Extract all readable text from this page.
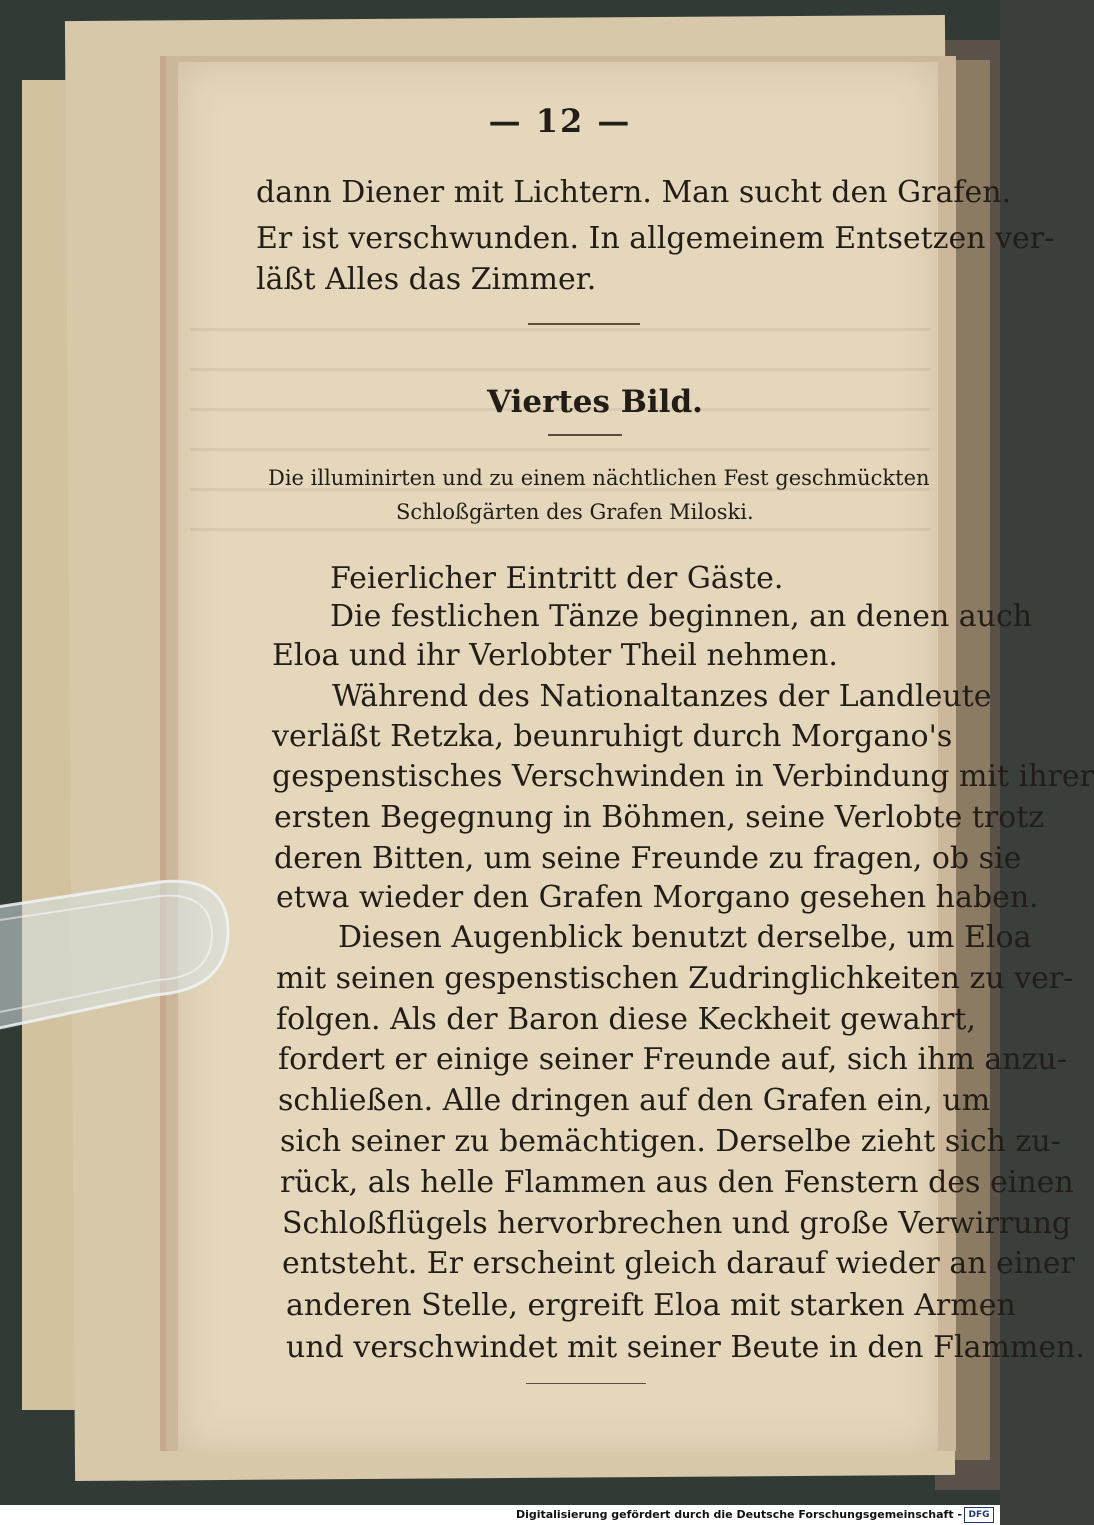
— 12 —
dann Diener mit Lichtern. Man sucht den Grafen.
Er ist verschwunden. In allgemeinem Entsetzen ver-
läßt Alles das Zimmer.
Viertes Bild.
Die illuminirten und zu einem nächtlichen Fest geschmückten
Schloßgärten des Grafen Miloski.
Feierlicher Eintritt der Gäste.
Die festlichen Tänze beginnen, an denen auch
Eloa und ihr Verlobter Theil nehmen.
Während des Nationaltanzes der Landleute
verläßt Retzka, beunruhigt durch Morgano's
gespenstisches Verschwinden in Verbindung mit ihrer
ersten Begegnung in Böhmen, seine Verlobte trotz
deren Bitten, um seine Freunde zu fragen, ob sie
etwa wieder den Grafen Morgano gesehen haben.
Diesen Augenblick benutzt derselbe, um Eloa
mit seinen gespenstischen Zudringlichkeiten zu ver-
folgen. Als der Baron diese Keckheit gewahrt,
fordert er einige seiner Freunde auf, sich ihm anzu-
schließen. Alle dringen auf den Grafen ein, um
sich seiner zu bemächtigen. Derselbe zieht sich zu-
rück, als helle Flammen aus den Fenstern des einen
Schloßflügels hervorbrechen und große Verwirrung
entsteht. Er erscheint gleich darauf wieder an einer
anderen Stelle, ergreift Eloa mit starken Armen
und verschwindet mit seiner Beute in den Flammen.
Digitalisierung gefördert durch die Deutsche Forschungsgemeinschaft - DFG
